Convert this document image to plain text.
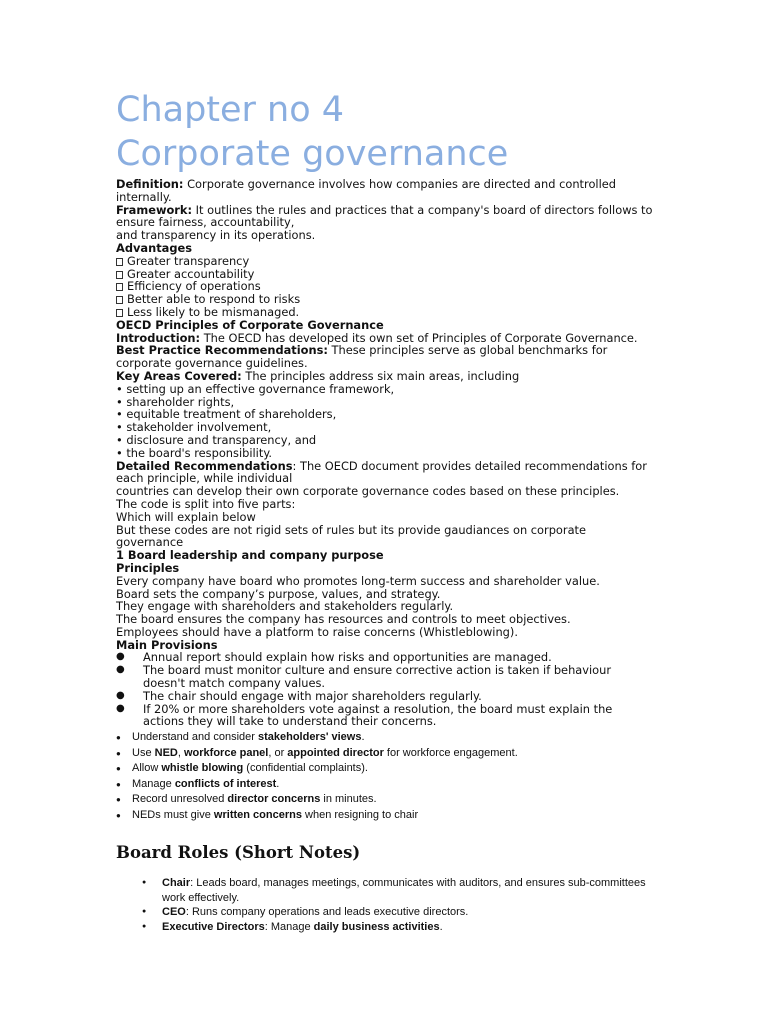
Chapter no 4
Corporate governance

Definition: Corporate governance involves how companies are directed and controlled internally.

Framework: It outlines the rules and practices that a company's board of directors follows to ensure fairness, accountability,

and transparency in its operations.

Advantages

Greater transparency

Greater accountability

Efficiency of operations

Better able to respond to risks

Less likely to be mismanaged.

OECD Principles of Corporate Governance

Introduction: The OECD has developed its own set of Principles of Corporate Governance.

Best Practice Recommendations: These principles serve as global benchmarks for corporate governance guidelines.

Key Areas Covered: The principles address six main areas, including

• setting up an effective governance framework,

• shareholder rights,

• equitable treatment of shareholders,

• stakeholder involvement,

• disclosure and transparency, and

• the board's responsibility.

Detailed Recommendations: The OECD document provides detailed recommendations for each principle, while individual

countries can develop their own corporate governance codes based on these principles.

The code is split into five parts:

Which will explain below

But these codes are not rigid sets of rules but its provide gaudiances on corporate governance

1 Board leadership and company purpose

Principles

Every company have board who promotes long-term success and shareholder value.

Board sets the company’s purpose, values, and strategy.

They engage with shareholders and stakeholders regularly.

The board ensures the company has resources and controls to meet objectives.

Employees should have a platform to raise concerns (Whistleblowing).

Main Provisions

● Annual report should explain how risks and opportunities are managed.
● The board must monitor culture and ensure corrective action is taken if behaviour doesn't match company values.
● The chair should engage with major shareholders regularly.
● If 20% or more shareholders vote against a resolution, the board must explain the actions they will take to understand their concerns.
● Understand and consider stakeholders' views.
● Use NED, workforce panel, or appointed director for workforce engagement.
● Allow whistle blowing (confidential complaints).
● Manage conflicts of interest.
● Record unresolved director concerns in minutes.
● NEDs must give written concerns when resigning to chair
Board Roles (Short Notes)
● Chair: Leads board, manages meetings, communicates with auditors, and ensures sub-committees work effectively.
● CEO: Runs company operations and leads executive directors.
● Executive Directors: Manage daily business activities.
